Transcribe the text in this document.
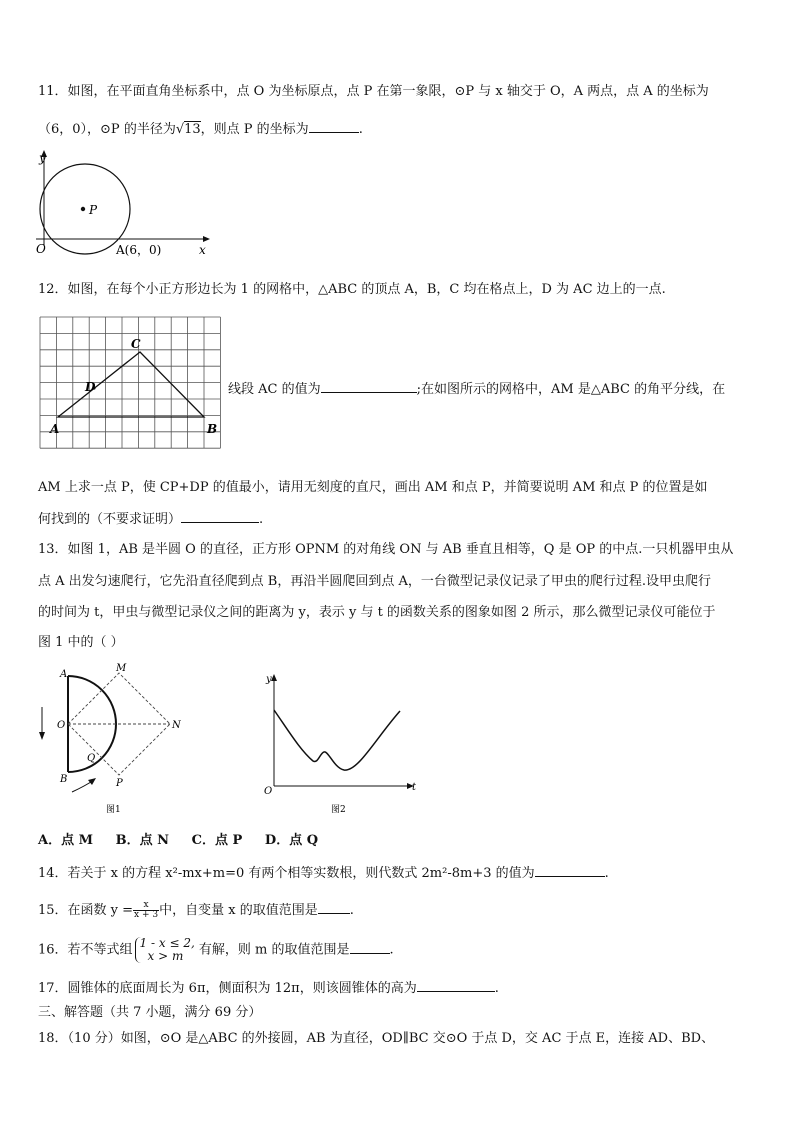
11．如图，在平面直角坐标系中，点 O 为坐标原点，点 P 在第一象限，⊙P 与 x 轴交于 O，A 两点，点 A 的坐标为
（6，0），⊙P 的半径为√13，则点 P 的坐标为	.
P
y
x
O	A(6，0)
12．如图，在每个小正方形边长为 1 的网格中，△ABC 的顶点 A，B，C 均在格点上，D 为 AC 边上的一点.
A	B
C
D	线段 AC 的值为	;在如图所示的网格中，AM 是△ABC 的角平分线，在
AM 上求一点 P，使 CP+DP 的值最小，请用无刻度的直尺，画出 AM 和点 P，并简要说明 AM 和点 P 的位置是如
何找到的（不要求证明）	.
13．如图 1，AB 是半圆 O 的直径，正方形 OPNM 的对角线 ON 与 AB 垂直且相等，Q 是 OP 的中点.一只机器甲虫从
点 A 出发匀速爬行，它先沿直径爬到点 B，再沿半圆爬回到点 A，一台微型记录仪记录了甲虫的爬行过程.设甲虫爬行
的时间为 t，甲虫与微型记录仪之间的距离为 y，表示 y 与 t 的函数关系的图象如图 2 所示，那么微型记录仪可能位于
图 1 中的（ ）
A
M
O	N
Q
B	P
图1
y
O	t
图2
A．点 M     B．点 N     C．点 P     D．点 Q
14．若关于 x 的方程 x²-mx+m=0 有两个相等实数根，则代数式 2m²-8m+3 的值为	.
15．在函数 $y = \frac{x}{x + 3}$ 中，自变量 x 的取值范围是 .
16．若不等式组 1 - x ≤ 2,
x > m	有解，则 m 的取值范围是	.
17．圆锥体的底面周长为 6π，侧面积为 12π，则该圆锥体的高为	.
三、解答题（共 7 小题，满分 69 分）
18．（10 分）如图，⊙O 是△ABC 的外接圆，AB 为直径，OD∥BC 交⊙O 于点 D，交 AC 于点 E，连接 AD、BD、
